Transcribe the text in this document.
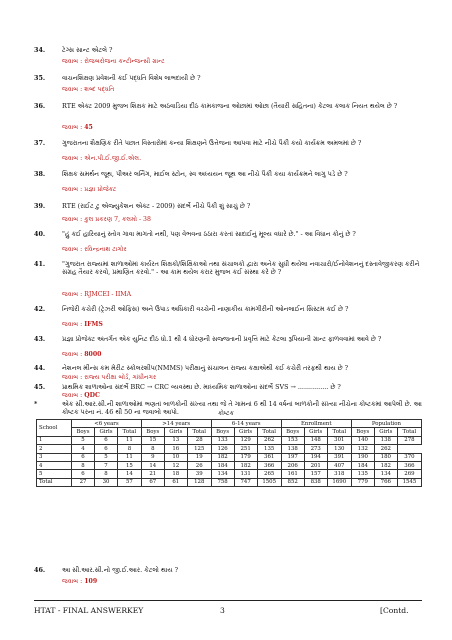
34.	ટેગ્સ સાન્ટ એટલે ?
જવાબ : રોજબરોજના કન્ટીન્જન્સી ગ્રાન્ટ
35.	વાચનશિક્ષણ પ્રવેશની કઈ પદ્ધતિ વિશેષ લાભદાયી છે ?
જવાબ : શબ્દ પદ્ધતિ
36.	RTE એક્ટ 2009 મુજબ શિક્ષક માટે અઠવાડિયા દીઠ કામકાજના ઓછામાં ઓછા (તૈયારી સહિતના) કેટલા કલાક નિયત થયેલ છે ?
જવાબ : 45
37.	ગુજરાતના શૈક્ષણિક રીતે પછાત વિસ્તારોમાં કન્યા શિક્ષણને ઉત્તેજના આપવા માટે નીચે પૈકી કયો કાર્યક્રમ અમલમાં છે ?
જવાબ : એન.પી.ઈ.જી.ઈ.એલ.
38.	શિક્ષક સમર્થન જૂથ, પીઅર લર્નિંગ, માઈલ સ્ટોન, સ્વ અધ્યયન જૂથ આ નીચે પૈકી કયા કાર્યક્રમને લાગુ પડે છે ?
જવાબ : પ્રજ્ઞા પ્રોજેક્ટ
39.	RTE (રાઈટ ટુ એજ્યુકેશન એક્ટ - 2009) સંદર્ભે નીચે પૈકી શું સાચું છે ?
જવાબ : કુલ પ્રકરણ 7, કલમો - 38
40.	"હું કઈ હારિયાનું સ્તોત્ર ગાવા માગતો નથી, પણ વેભવના ઠઠારા કરતાં સાદાઈનું મૂલ્ય વધારે છે." - આ વિધાન કોનું છે ?
જવાબ : રવિન્દ્રનાથ ટાગોર
41.	"ગુજરાત રાજ્યમાં શાળાઓમાં કાર્યરત શિક્ષકો/શિક્ષિકાઓ તથા સંચાલકો દ્વારા અનેક સુધી થયેલા નવાચારો/ઈનોવેશનનું દસ્તાવેજીકરણ કરીને સંગ્રહ તૈયાર કરવો, પ્રમાણિત કરવો." - આ કામ થયેલ કરાર મુજબ કઈ સંસ્થા કરે છે ?
જવાબ : RJMCEI - IIMA
42.	નિજેરી કચેરી (ટ્રેઝરી ઓફિસ) અને ઉપાડ અધિકારી વચ્ચેની નાણાકીય કામગીરીની ઓનલાઈન સિસ્ટમ કઈ છે ?
જવાબ : IFMS
43.	પ્રજ્ઞા પ્રોજેક્ટ અંતર્ગત એક યુનિટ દીઠ ધો.1 થી 4 ધોરણની સજ્જતાની પ્રવૃત્તિ માટે કેટલા રૂપિયાની ગ્રાન્ટ ફાળવવામાં આવે છે ?
જવાબ : 8000
44.	નેશનલ મીન્સ કમ મેરીટ સ્કોલરશીપ(NMMS) પરીક્ષાનું સંચાલન રાજ્ય કક્ષાએથી કઈ કચેરી તરફથી થાય છે ?
જવાબ : રાજ્ય પરીક્ષા બોર્ડ, ગાંધીનગર
45.	પ્રાથમિક શાળાઓના સંદર્ભે BRC → CRC વ્યવસ્થા છે. માધ્યમિક શાળાઓના સંદર્ભે SVS → ............... છે ?
જવાબ : QDC
*	એક સી.આર.સી.ની શાળાઓમાં ભણતાં બાળકોની સંખ્યા તથા જે તે ગામનાં 6 થી 14 વર્ષનાં બાળકોની સંખ્યા નીચેના કોષ્ટકમાં આપેલી છે. આ કોષ્ટક પરના નં. 46 થી 50 ના જવાબો આપો.	કોષ્ટક
School	<6 years			>14 years			6-14 years			Enrollment			Population		
	Boys	Girls	Total	Boys	Girls	Total	Boys	Girls	Total	Boys	Girls	Total	Boys	Girls	Total
1	5	6	11	15	13	28	133	129	262	153	148	301	140	138	278
2	4	6	8	8	16	125	126	251	135	138	273	130	132	262	
3	6	5	11	9	10	19	182	179	361	197	194	391	190	180	370
4	8	7	15	14	12	26	184	182	366	206	201	407	184	182	366
5	6	8	14	21	18	39	134	131	265	161	157	318	135	134	269
Total	27	30	57	67	61	128	758	747	1505	852	838	1690	779	766	1545
46.	આ સી.આર.સી.નો જી.ઈ.આર. કેટલો થાય ?
જવાબ : 109
HTAT - FINAL ANSWERKEY	3	[Contd.
